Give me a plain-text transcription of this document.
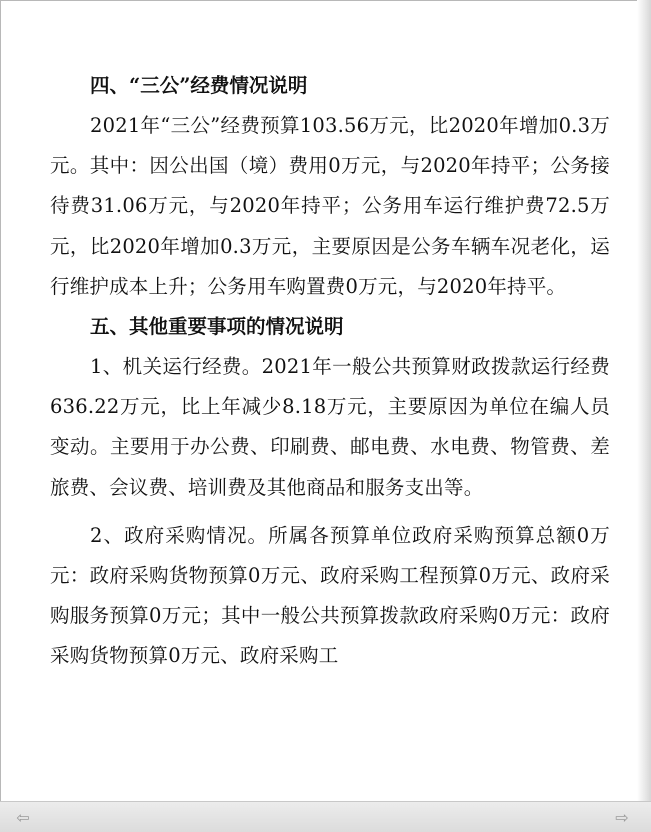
四、“三公”经费情况说明

2021年“三公”经费预算103.56万元，比2020年增加0.3万元。其中：因公出国（境）费用0万元，与2020年持平；公务接待费31.06万元，与2020年持平；公务用车运行维护费72.5万元，比2020年增加0.3万元，主要原因是公务车辆车况老化，运行维护成本上升；公务用车购置费0万元，与2020年持平。

五、其他重要事项的情况说明

1、机关运行经费。2021年一般公共预算财政拨款运行经费636.22万元，比上年减少8.18万元，主要原因为单位在编人员变动。主要用于办公费、印刷费、邮电费、水电费、物管费、差旅费、会议费、培训费及其他商品和服务支出等。

2、政府采购情况。所属各预算单位政府采购预算总额0万元：政府采购货物预算0万元、政府采购工程预算0万元、政府采购服务预算0万元；其中一般公共预算拨款政府采购0万元：政府采购货物预算0万元、政府采购工

⇦	⇨
